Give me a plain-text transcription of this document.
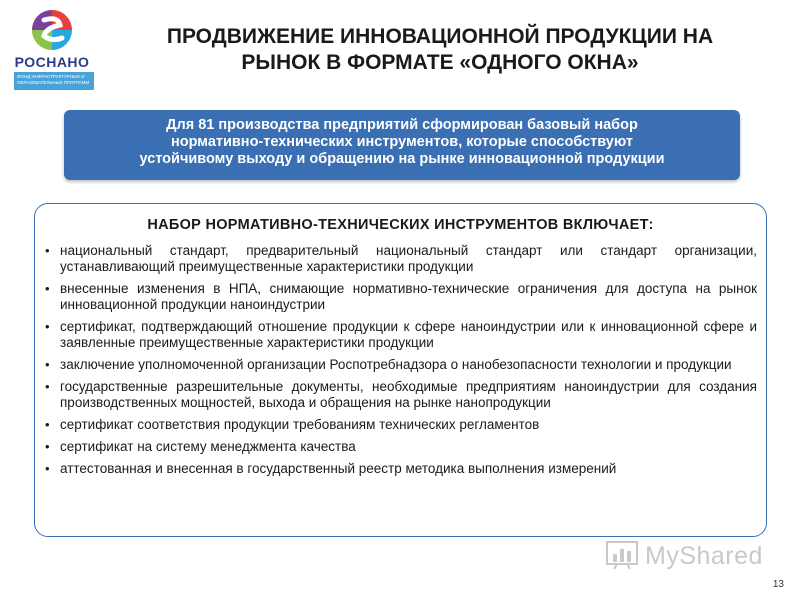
РОСНАНО
ФОНД ИНФРАСТРУКТУРНЫХ И ОБРАЗОВАТЕЛЬНЫХ ПРОГРАММ
ПРОДВИЖЕНИЕ ИННОВАЦИОННОЙ ПРОДУКЦИИ НА
РЫНОК В ФОРМАТЕ «ОДНОГО ОКНА»
Для 81 производства предприятий сформирован базовый набор
нормативно-технических инструментов, которые способствуют
устойчивому выходу и обращению на рынке инновационной продукции
НАБОР НОРМАТИВНО-ТЕХНИЧЕСКИХ ИНСТРУМЕНТОВ ВКЛЮЧАЕТ:
• национальный стандарт, предварительный национальный стандарт или стандарт организации, устанавливающий преимущественные характеристики продукции
• внесенные изменения в НПА, снимающие нормативно-технические ограничения для доступа на рынок инновационной продукции наноиндустрии
• сертификат, подтверждающий отношение продукции к сфере наноиндустрии или к инновационной сфере и заявленные преимущественные характеристики продукции
• заключение уполномоченной организации Роспотребнадзора о нанобезопасности технологии и продукции
• государственные разрешительные документы, необходимые предприятиям наноиндустрии для создания производственных мощностей, выхода и обращения на рынке нанопродукции
• сертификат соответствия продукции требованиям технических регламентов
• сертификат на систему менеджмента качества
• аттестованная и внесенная в государственный реестр методика выполнения измерений
MyShared
13
